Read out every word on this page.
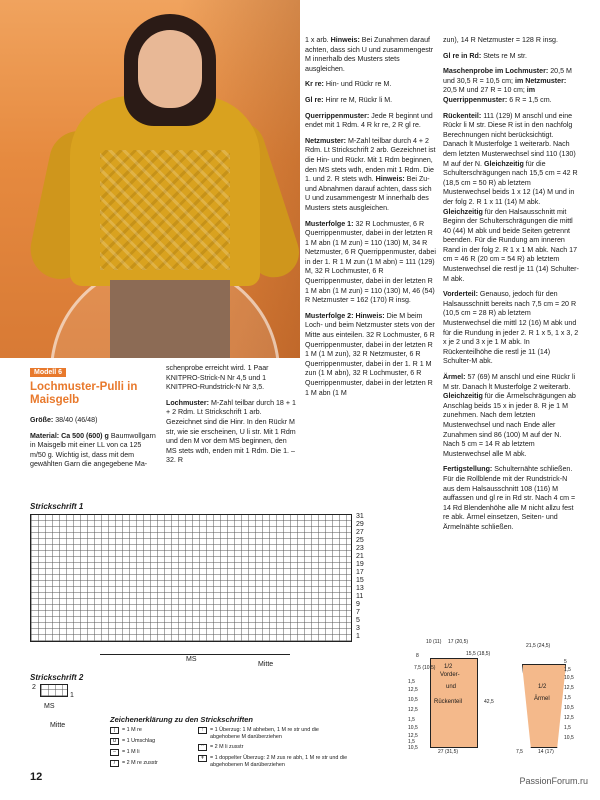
Modell 6
Lochmuster-Pulli in Maisgelb

Größe: 38/40 (46/48)

Material: Ca 500 (600) g Baumwollgarn in Maisgelb mit einer LL von ca 125 m/50 g. Wichtig ist, dass mit dem gewählten Garn die angegebene Ma-

schenprobe erreicht wird. 1 Paar KNITPRO-Strick-N Nr 4,5 und 1 KNITPRO-Rundstrick-N Nr 3,5.

Lochmuster: M-Zahl teilbar durch 18 + 1 + 2 Rdm. Lt Strickschrift 1 arb. Gezeichnet sind die Hinr. In den Rückr M str, wie sie erscheinen, U li str. Mit 1 Rdm und den M vor dem MS beginnen, den MS stets wdh, enden mit 1 Rdm. Die 1. – 32. R

1 x arb. Hinweis: Bei Zunahmen darauf achten, dass sich U und zusammengestr M innerhalb des Musters stets ausgleichen.

Kr re: Hin- und Rückr re M.

Gl re: Hinr re M, Rückr li M.

Querrippenmuster: Jede R beginnt und endet mit 1 Rdm. 4 R kr re, 2 R gl re.

Netzmuster: M-Zahl teilbar durch 4 + 2 Rdm. Lt Strickschrift 2 arb. Gezeichnet ist die Hin- und Rückr. Mit 1 Rdm beginnen, den MS stets wdh, enden mit 1 Rdm. Die 1. und 2. R stets wdh. Hinweis: Bei Zu- und Abnahmen darauf achten, dass sich U und zusammengestr M innerhalb des Musters stets ausgleichen.

Musterfolge 1: 32 R Lochmuster, 6 R Querrippenmuster, dabei in der letzten R 1 M abn (1 M zun) = 110 (130) M, 34 R Netzmuster, 6 R Querrippenmuster, dabei in der 1. R 1 M zun (1 M abn) = 111 (129) M, 32 R Lochmuster, 6 R Querrippenmuster, dabei in der letzten R 1 M abn (1 M zun) = 110 (130) M, 46 (54) R Netzmuster = 162 (170) R insg.

Musterfolge 2: Hinweis: Die M beim Loch- und beim Netzmuster stets von der Mitte aus einteilen. 32 R Lochmuster, 6 R Querrippenmuster, dabei in der letzten R 1 M (1 M zun), 32 R Netzmuster, 6 R Querrippenmuster, dabei in der 1. R 1 M zun (1 M abn), 32 R Lochmuster, 6 R Querrippenmuster, dabei in der letzten R 1 M abn (1 M

zun), 14 R Netzmuster = 128 R insg.

Gl re in Rd: Stets re M str.

Maschenprobe im Lochmuster: 20,5 M und 30,5 R = 10,5 cm; im Netzmuster: 20,5 M und 27 R = 10 cm; im Querrippenmuster: 6 R = 1,5 cm.

Rückenteil: 111 (129) M anschl und eine Rückr li M str. Diese R ist in den nachfolg Berechnungen nicht berücksichtigt. Danach lt Musterfolge 1 weiterarb. Nach dem letzten Musterwechsel sind 110 (130) M auf der N. Gleichzeitig für die Schulterschrägungen nach 15,5 cm = 42 R (18,5 cm = 50 R) ab letztem Musterwechsel beids 1 x 12 (14) M und in der folg 2. R 1 x 11 (14) M abk. Gleichzeitig für den Halsausschnitt mit Beginn der Schulterschrägungen die mittl 40 (44) M abk und beide Seiten getrennt beenden. Für die Rundung am inneren Rand in der folg 2. R 1 x 1 M abk. Nach 17 cm = 46 R (20 cm = 54 R) ab letztem Musterwechsel die restl je 11 (14) Schulter-M abk.

Vorderteil: Genauso, jedoch für den Halsausschnitt bereits nach 7,5 cm = 20 R (10,5 cm = 28 R) ab letztem Musterwechsel die mittl 12 (16) M abk und für die Rundung in jeder 2. R 1 x 5, 1 x 3, 2 x je 2 und 3 x je 1 M abk. In Rückenteilhöhe die restl je 11 (14) Schulter-M abk.

Ärmel: 57 (69) M anschl und eine Rückr li M str. Danach lt Musterfolge 2 weiterarb. Gleichzeitig für die Ärmelschrägungen ab Anschlag beids 15 x in jeder 8. R je 1 M zunehmen. Nach dem letzten Musterwechsel und nach Ende aller Zunahmen sind 86 (100) M auf der N. Nach 5 cm = 14 R ab letztem Musterwechsel alle M abk.

Fertigstellung: Schulternähte schließen. Für die Rollblende mit der Rundstrick-N aus dem Halsausschnitt 108 (116) M auffassen und gl re in Rd str. Nach 4 cm = 14 Rd Blendenhöhe alle M nicht allzu fest re abk. Ärmel einsetzen, Seiten- und Ärmelnähte schließen.

Strickschrift 1
31
29
27
25
23
21
19
17
15
13
11
9
7
5
3
1
MS
Mitte
Strickschrift 2
2
1
MS
Mitte
Zeichenerklärung zu den Strickschriften
|	= 1 M re
U	= 1 Umschlag
–	= 1 M li
/	= 2 M re zusstr
↑	= 1 Überzug: 1 M abheben, 1 M re str und die abgehobene M darüberziehen
⌃	= 2 M li zusstr
↟	= 1 doppelter Überzug: 2 M zus re abh, 1 M re str und die abgehobenen M darüberziehen
1/2
Vorder-
und
Rückenteil
1/2
Ärmel
10 (11) 17 (20,5)
8	15,5 (18,5)
7,5 (10,5)
1,5
12,5
10,5
12,5
1,5
10,5
12,5
1,5
10,5
27 (31,5)
42,5
21,5 (24,5)
5
1,5
10,5
12,5
1,5
10,5
12,5
1,5
10,5
7,5	14 (17)
12	PassionForum.ru
